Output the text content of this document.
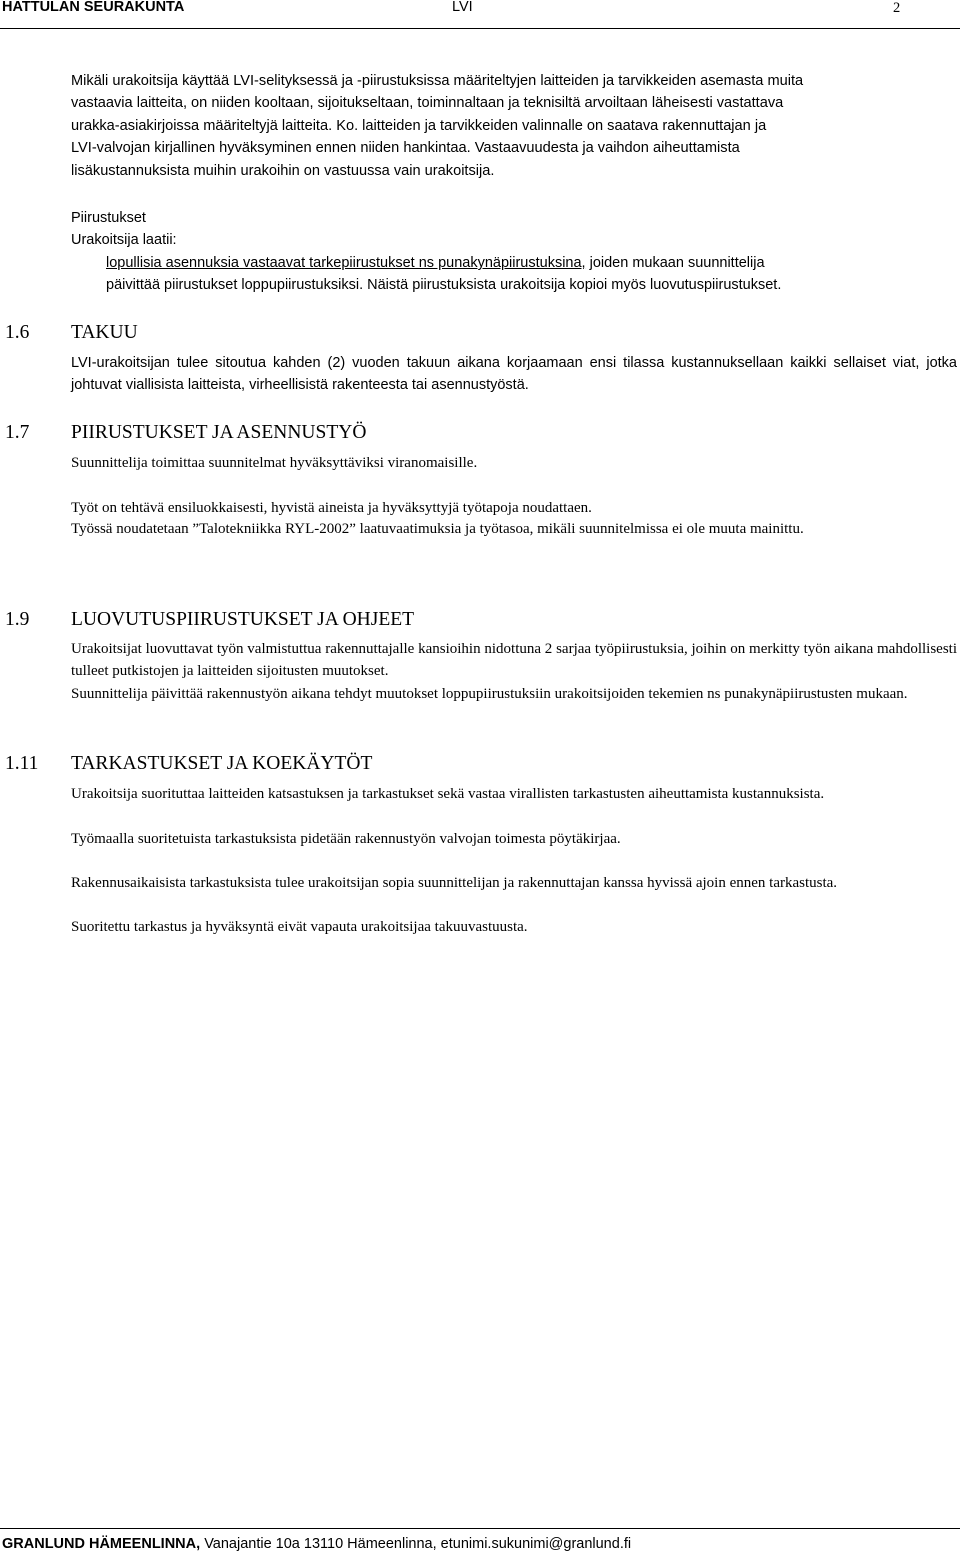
HATTULAN SEURAKUNTA	LVI	2
Mikäli urakoitsija käyttää LVI-selityksessä ja -piirustuksissa määriteltyjen laitteiden ja tarvikkeiden asemasta muita
vastaavia laitteita, on niiden kooltaan, sijoitukseltaan, toiminnaltaan ja teknisiltä arvoiltaan läheisesti vastattava
urakka-asiakirjoissa määriteltyjä laitteita. Ko. laitteiden ja tarvikkeiden valinnalle on saatava rakennuttajan ja
LVI-valvojan kirjallinen hyväksyminen ennen niiden hankintaa. Vastaavuudesta ja vaihdon aiheuttamista
lisäkustannuksista muihin urakoihin on vastuussa vain urakoitsija.
Piirustukset
Urakoitsija laatii:
lopullisia asennuksia vastaavat tarkepiirustukset ns punakynäpiirustuksina, joiden mukaan suunnittelija
päivittää piirustukset loppupiirustuksiksi. Näistä piirustuksista urakoitsija kopioi myös luovutuspiirustukset.
1.6 TAKUU
LVI-urakoitsijan tulee sitoutua kahden (2) vuoden takuun aikana korjaamaan ensi tilassa kustannuksellaan kaikki sellaiset viat, jotka johtuvat viallisista laitteista, virheellisistä rakenteesta tai asennustyöstä.
1.7 PIIRUSTUKSET JA ASENNUSTYÖ
Suunnittelija toimittaa suunnitelmat hyväksyttäviksi viranomaisille.
Työt on tehtävä ensiluokkaisesti, hyvistä aineista ja hyväksyttyjä työtapoja noudattaen.
Työssä noudatetaan ”Talotekniikka RYL-2002” laatuvaatimuksia ja työtasoa, mikäli suunnitelmissa ei ole muuta mainittu.
1.9 LUOVUTUSPIIRUSTUKSET JA OHJEET
Urakoitsijat luovuttavat työn valmistuttua rakennuttajalle kansioihin nidottuna 2 sarjaa työpiirustuksia, joihin on merkitty työn aikana mahdollisesti tulleet putkistojen ja laitteiden sijoitusten muutokset.
Suunnittelija päivittää rakennustyön aikana tehdyt muutokset loppupiirustuksiin urakoitsijoiden tekemien ns punakynäpiirustusten mukaan.
1.11 TARKASTUKSET JA KOEKÄYTÖT
Urakoitsija suorituttaa laitteiden katsastuksen ja tarkastukset sekä vastaa virallisten tarkastusten aiheuttamista kustannuksista.
Työmaalla suoritetuista tarkastuksista pidetään rakennustyön valvojan toimesta pöytäkirjaa.
Rakennusaikaisista tarkastuksista tulee urakoitsijan sopia suunnittelijan ja rakennuttajan kanssa hyvissä ajoin ennen tarkastusta.
Suoritettu tarkastus ja hyväksyntä eivät vapauta urakoitsijaa takuuvastuusta.
GRANLUND HÄMEENLINNA, Vanajantie 10a 13110 Hämeenlinna, etunimi.sukunimi@granlund.fi
